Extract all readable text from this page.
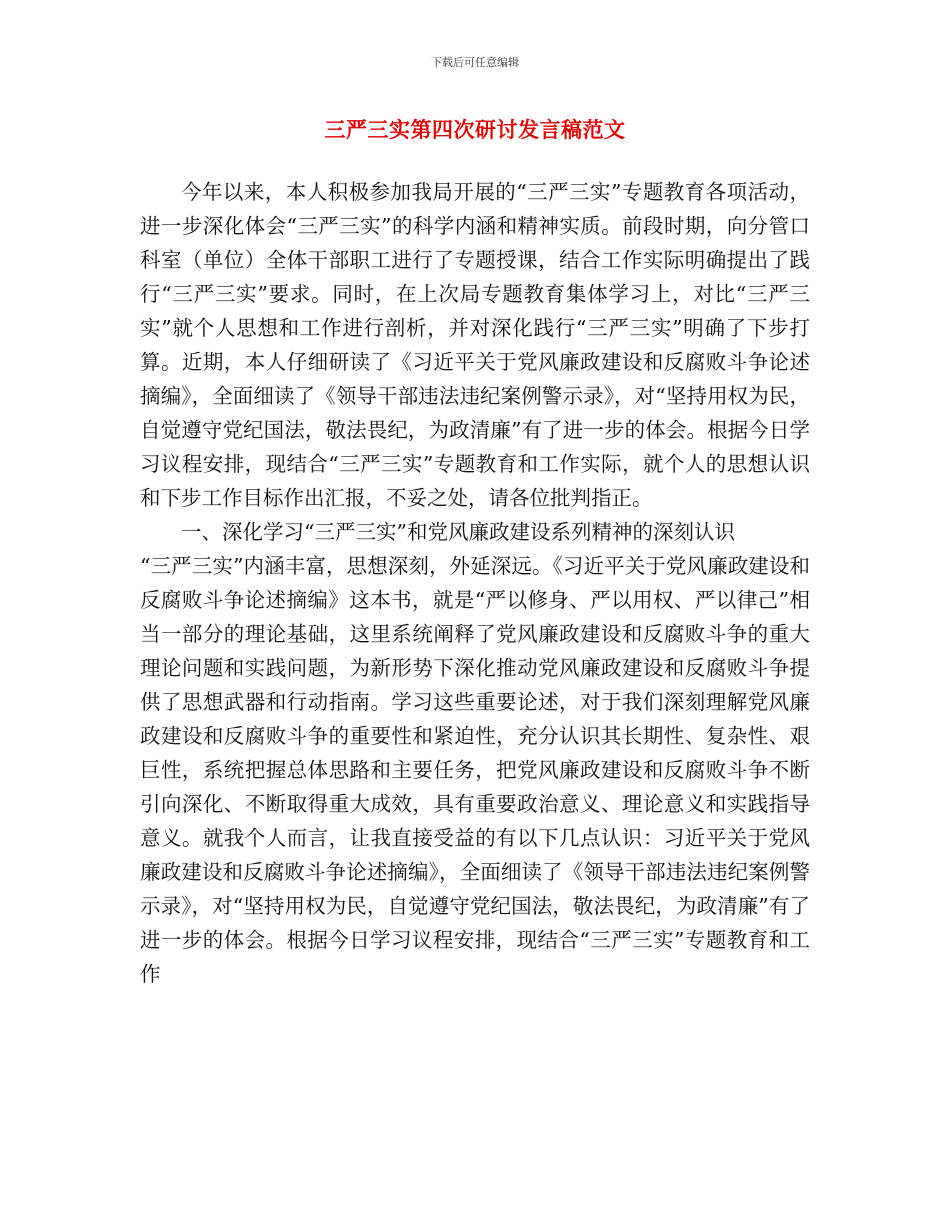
下载后可任意编辑
三严三实第四次研讨发言稿范文

今年以来，本人积极参加我局开展的“三严三实”专题教育各项活动，进一步深化体会“三严三实”的科学内涵和精神实质。前段时期，向分管口科室（单位）全体干部职工进行了专题授课，结合工作实际明确提出了践行“三严三实”要求。同时，在上次局专题教育集体学习上，对比“三严三实”就个人思想和工作进行剖析，并对深化践行“三严三实”明确了下步打算。近期，本人仔细研读了《习近平关于党风廉政建设和反腐败斗争论述摘编》，全面细读了《领导干部违法违纪案例警示录》，对“坚持用权为民，自觉遵守党纪国法，敬法畏纪，为政清廉”有了进一步的体会。根据今日学习议程安排，现结合“三严三实”专题教育和工作实际，就个人的思想认识和下步工作目标作出汇报，不妥之处，请各位批判指正。

一、深化学习“三严三实”和党风廉政建设系列精神的深刻认识

“三严三实”内涵丰富，思想深刻，外延深远。《习近平关于党风廉政建设和反腐败斗争论述摘编》这本书，就是“严以修身、严以用权、严以律己”相当一部分的理论基础，这里系统阐释了党风廉政建设和反腐败斗争的重大理论问题和实践问题，为新形势下深化推动党风廉政建设和反腐败斗争提供了思想武器和行动指南。学习这些重要论述，对于我们深刻理解党风廉政建设和反腐败斗争的重要性和紧迫性，充分认识其长期性、复杂性、艰巨性，系统把握总体思路和主要任务，把党风廉政建设和反腐败斗争不断引向深化、不断取得重大成效，具有重要政治意义、理论意义和实践指导意义。就我个人而言，让我直接受益的有以下几点认识：习近平关于党风廉政建设和反腐败斗争论述摘编》，全面细读了《领导干部违法违纪案例警示录》，对“坚持用权为民，自觉遵守党纪国法，敬法畏纪，为政清廉”有了进一步的体会。根据今日学习议程安排，现结合“三严三实”专题教育和工作
